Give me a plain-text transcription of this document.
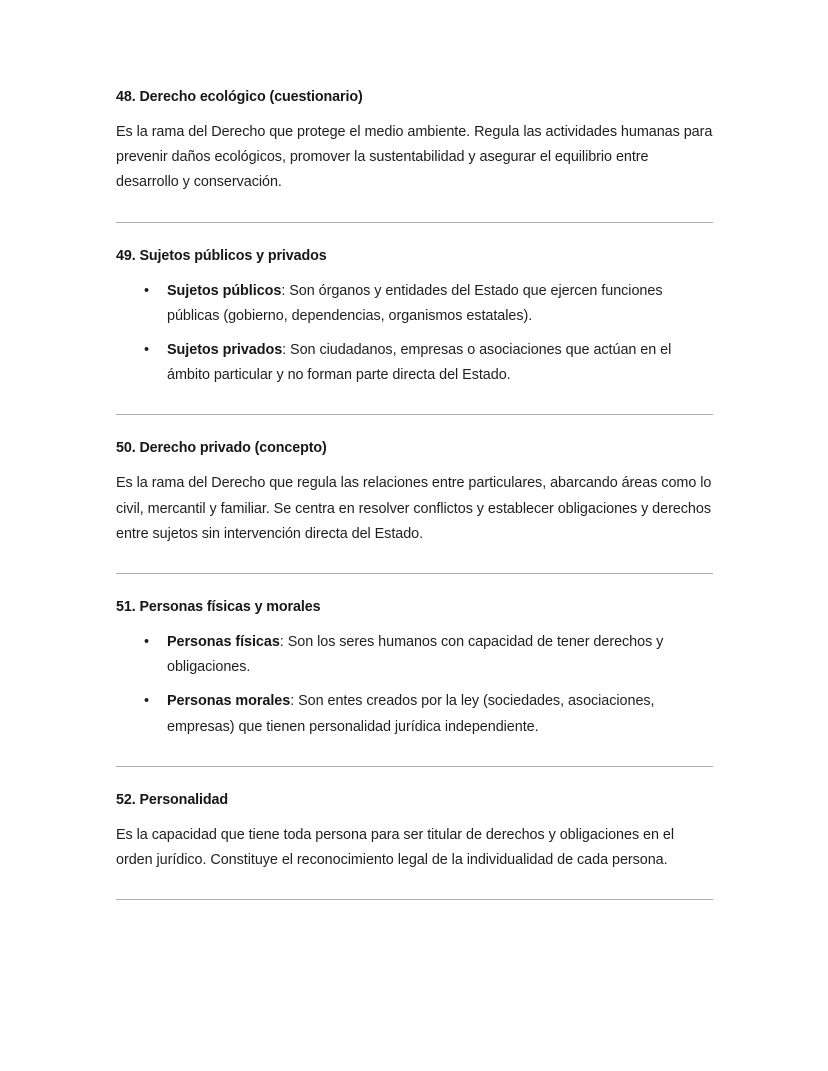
48. Derecho ecológico (cuestionario)

Es la rama del Derecho que protege el medio ambiente. Regula las actividades humanas para prevenir daños ecológicos, promover la sustentabilidad y asegurar el equilibrio entre desarrollo y conservación.

49. Sujetos públicos y privados
• Sujetos públicos: Son órganos y entidades del Estado que ejercen funciones públicas (gobierno, dependencias, organismos estatales).
• Sujetos privados: Son ciudadanos, empresas o asociaciones que actúan en el ámbito particular y no forman parte directa del Estado.
50. Derecho privado (concepto)

Es la rama del Derecho que regula las relaciones entre particulares, abarcando áreas como lo civil, mercantil y familiar. Se centra en resolver conflictos y establecer obligaciones y derechos entre sujetos sin intervención directa del Estado.

51. Personas físicas y morales
• Personas físicas: Son los seres humanos con capacidad de tener derechos y obligaciones.
• Personas morales: Son entes creados por la ley (sociedades, asociaciones, empresas) que tienen personalidad jurídica independiente.
52. Personalidad

Es la capacidad que tiene toda persona para ser titular de derechos y obligaciones en el orden jurídico. Constituye el reconocimiento legal de la individualidad de cada persona.
